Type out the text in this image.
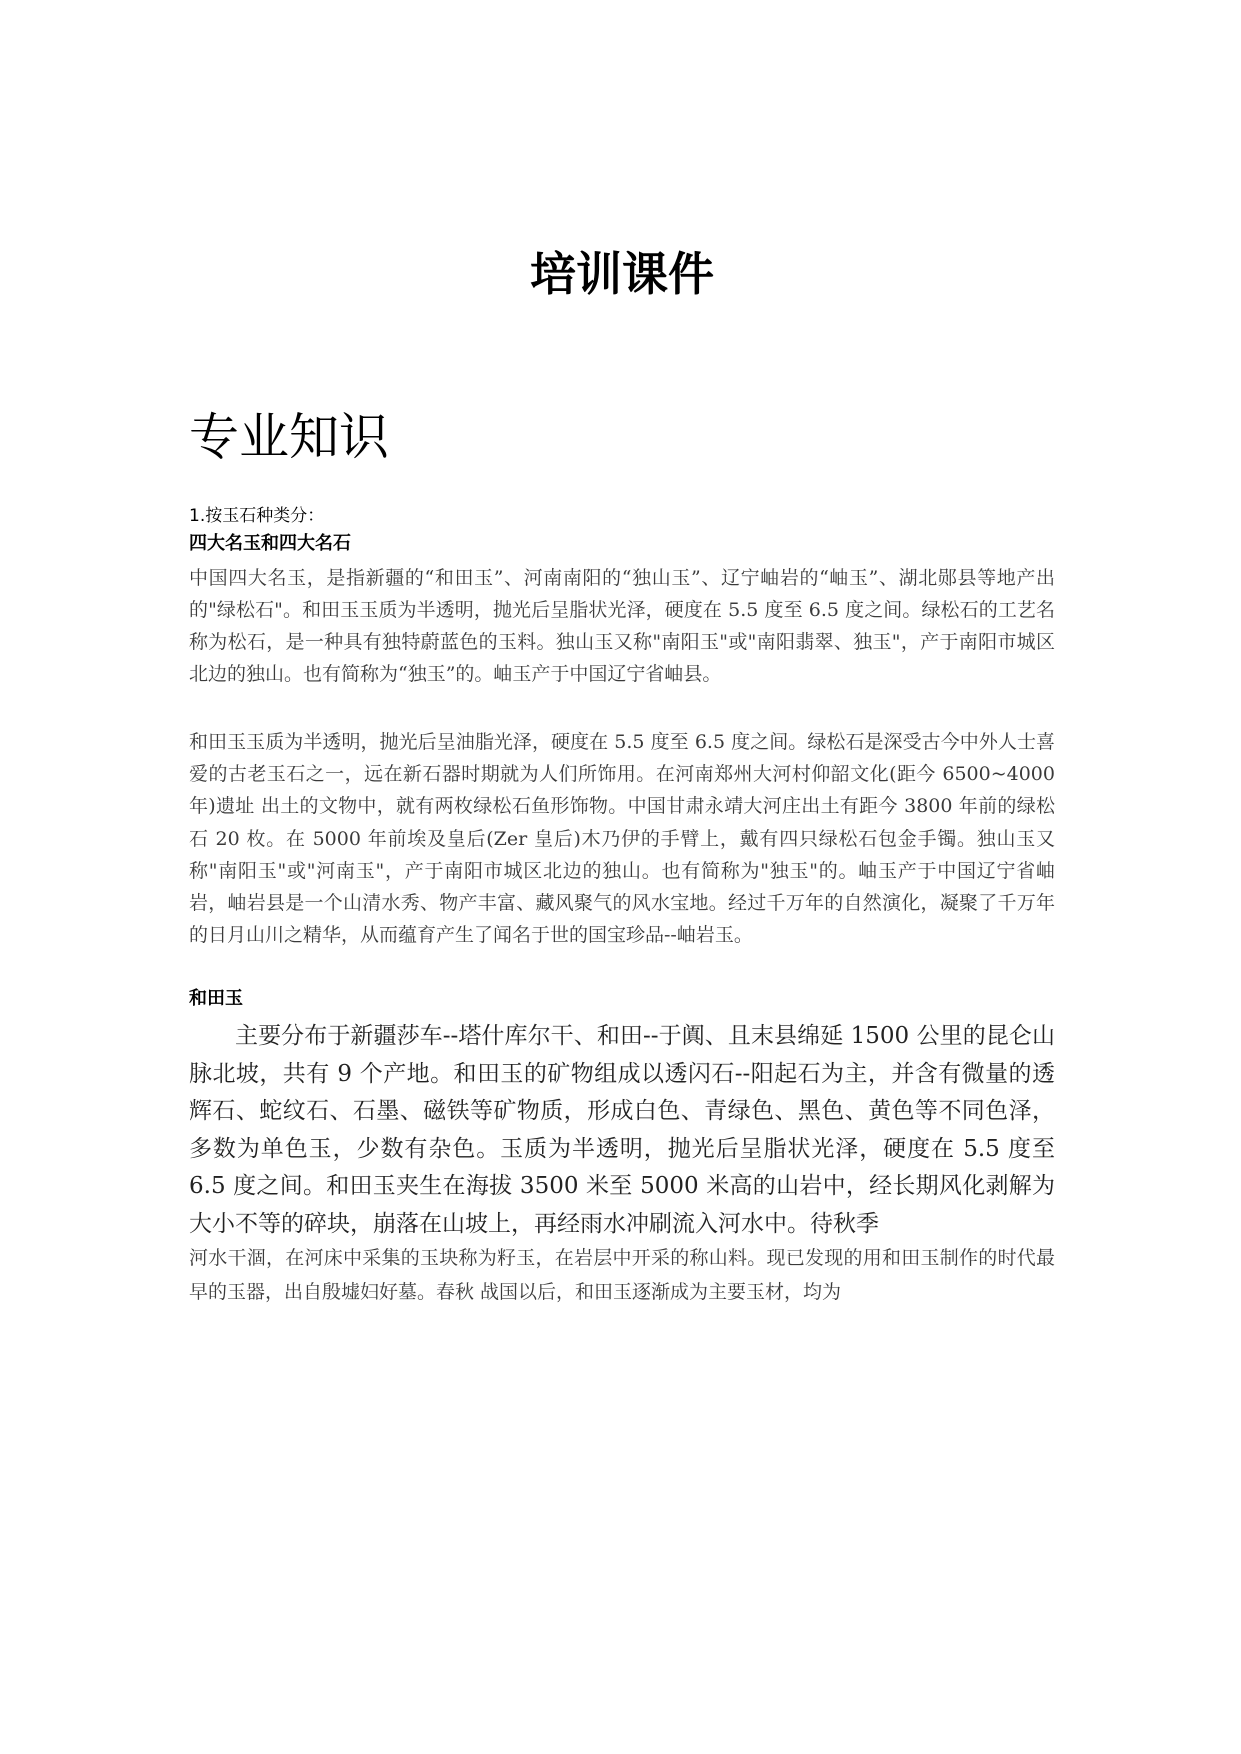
培训课件
专业知识

1.按玉石种类分：

四大名玉和四大名石

中国四大名玉，是指新疆的“和田玉”、河南南阳的“独山玉”、辽宁岫岩的“岫玉”、湖北郧县等地产出的"绿松石"。和田玉玉质为半透明，抛光后呈脂状光泽，硬度在 5.5 度至 6.5 度之间。绿松石的工艺名称为松石，是一种具有独特蔚蓝色的玉料。独山玉又称"南阳玉"或"南阳翡翠、独玉"，产于南阳市城区北边的独山。也有简称为“独玉”的。岫玉产于中国辽宁省岫县。

和田玉玉质为半透明，抛光后呈油脂光泽，硬度在 5.5 度至 6.5 度之间。绿松石是深受古今中外人士喜爱的古老玉石之一，远在新石器时期就为人们所饰用。在河南郑州大河村仰韶文化(距今 6500~4000 年)遗址 出土的文物中，就有两枚绿松石鱼形饰物。中国甘肃永靖大河庄出土有距今 3800 年前的绿松石 20 枚。在 5000 年前埃及皇后(Zer 皇后)木乃伊的手臂上，戴有四只绿松石包金手镯。独山玉又称"南阳玉"或"河南玉"，产于南阳市城区北边的独山。也有简称为"独玉"的。岫玉产于中国辽宁省岫岩，岫岩县是一个山清水秀、物产丰富、藏风聚气的风水宝地。经过千万年的自然演化，凝聚了千万年的日月山川之精华，从而蕴育产生了闻名于世的国宝珍品--岫岩玉。

和田玉

主要分布于新疆莎车--塔什库尔干、和田--于阗、且末县绵延 1500 公里的昆仑山脉北坡，共有 9 个产地。和田玉的矿物组成以透闪石--阳起石为主，并含有微量的透辉石、蛇纹石、石墨、磁铁等矿物质，形成白色、青绿色、黑色、黄色等不同色泽，多数为单色玉，少数有杂色。玉质为半透明，抛光后呈脂状光泽，硬度在 5.5 度至 6.5 度之间。和田玉夹生在海拔 3500 米至 5000 米高的山岩中，经长期风化剥解为大小不等的碎块，崩落在山坡上，再经雨水冲刷流入河水中。待秋季

河水干涸，在河床中采集的玉块称为籽玉，在岩层中开采的称山料。现已发现的用和田玉制作的时代最早的玉器，出自殷墟妇好墓。春秋 战国以后，和田玉逐渐成为主要玉材，均为
